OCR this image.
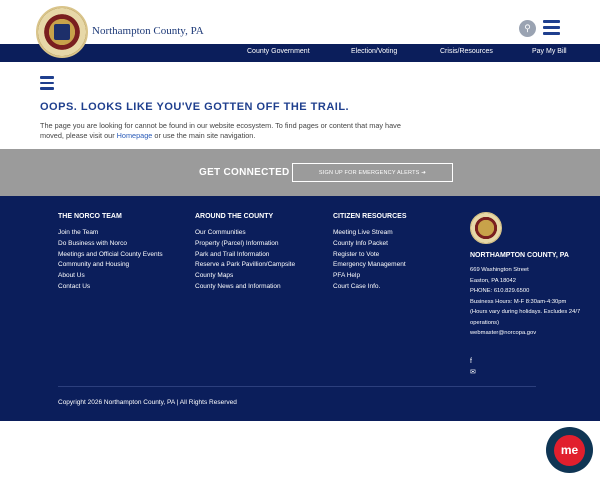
Northampton County, PA	⚲
County Government	Election/Voting	Crisis/Resources	Pay My Bill
OOPS. LOOKS LIKE YOU'VE GOTTEN OFF THE TRAIL.
The page you are looking for cannot be found in our website ecosystem. To find pages or content that may have moved, please visit our Homepage or use the main site navigation.
GET CONNECTED	SIGN UP FOR EMERGENCY ALERTS ➔
THE NORCO TEAM
Join the Team
Do Business with Norco
Meetings and Official County Events
Community and Housing
About Us
Contact Us
AROUND THE COUNTY
Our Communities
Property (Parcel) Information
Park and Trail Information
Reserve a Park Pavillion/Campsite
County Maps
County News and Information
CITIZEN RESOURCES
Meeting Live Stream
County Info Packet
Register to Vote
Emergency Management
PFA Help
Court Case Info.
NORTHAMPTON COUNTY, PA

669 Washington Street

Easton, PA 18042

PHONE: 610.829.6500

Business Hours: M-F 8:30am-4:30pm

(Hours vary during holidays. Excludes 24/7 operations)

webmaster@norcopa.gov

f
✉
Copyright 2026 Northampton County, PA | All Rights Reserved
me
